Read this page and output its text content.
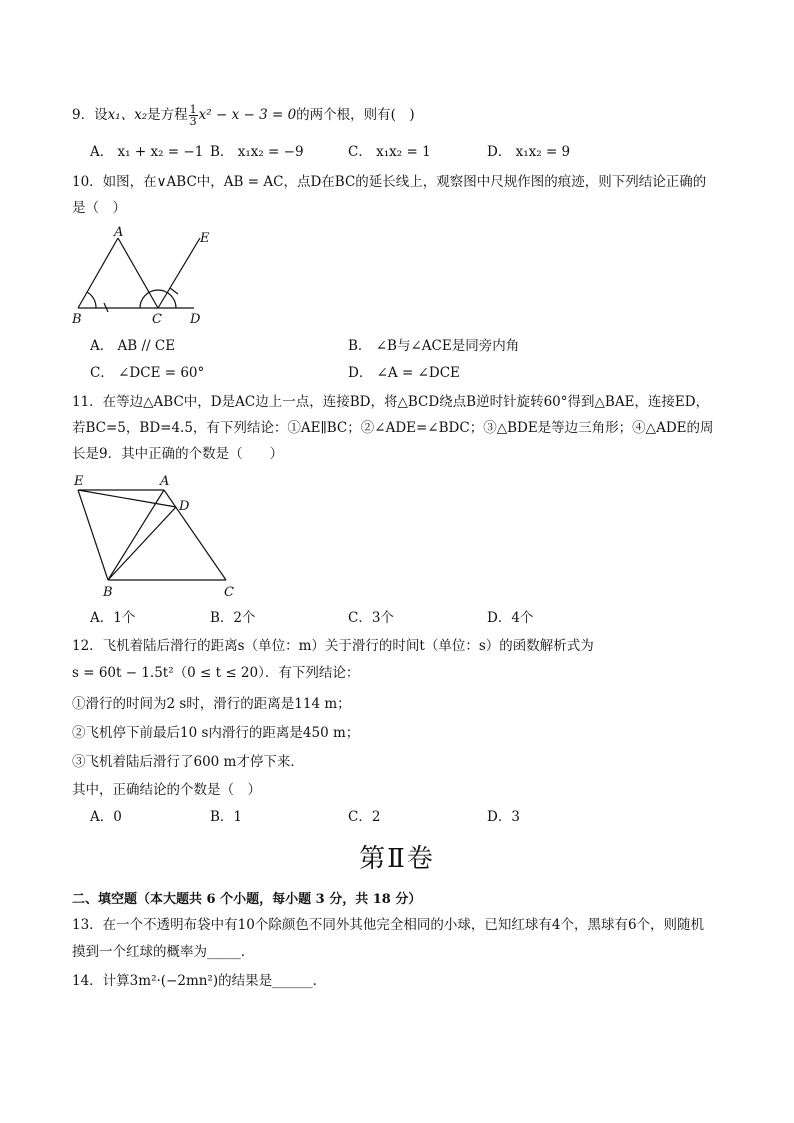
9．设x₁、x₂是方程 $\frac{1}{3} x^2 - x - 3 = 0$的两个根，则有(　)
A． x₁ + x₂ = −1 B． x₁x₂ = −9	C． x₁x₂ = 1	D． x₁x₂ = 9
10．如图，在∨ABC中，AB = AC，点D在BC的延长线上，观察图中尺规作图的痕迹，则下列结论正确的
是（　）
A
B	C D
E
A． AB // CE	B． ∠B与∠ACE是同旁内角
C． ∠DCE = 60°	D． ∠A = ∠DCE
11．在等边△ABC中，D是AC边上一点，连接BD，将△BCD绕点B逆时针旋转60°得到△BAE，连接ED，
若BC=5，BD=4.5，有下列结论：①AE∥BC；②∠ADE=∠BDC；③△BDE是等边三角形；④△ADE的周
长是9．其中正确的个数是（　　）
E	A
D
B	C
A．1个	B．2个	C．3个	D．4个
12．飞机着陆后滑行的距离s（单位：m）关于滑行的时间t（单位：s）的函数解析式为
s = 60t − 1.5t²（0 ≤ t ≤ 20）．有下列结论：
①滑行的时间为2 s时，滑行的距离是114 m；
②飞机停下前最后10 s内滑行的距离是450 m；
③飞机着陆后滑行了600 m才停下来．
其中，正确结论的个数是（　）
A．0	B．1	C．2	D．3
第Ⅱ卷
二、填空题（本大题共 6 个小题，每小题 3 分，共 18 分）
13．在一个不透明布袋中有10个除颜色不同外其他完全相同的小球，已知红球有4个，黑球有6个，则随机
摸到一个红球的概率为_____．
14．计算3m²·(−2mn²)的结果是______．
